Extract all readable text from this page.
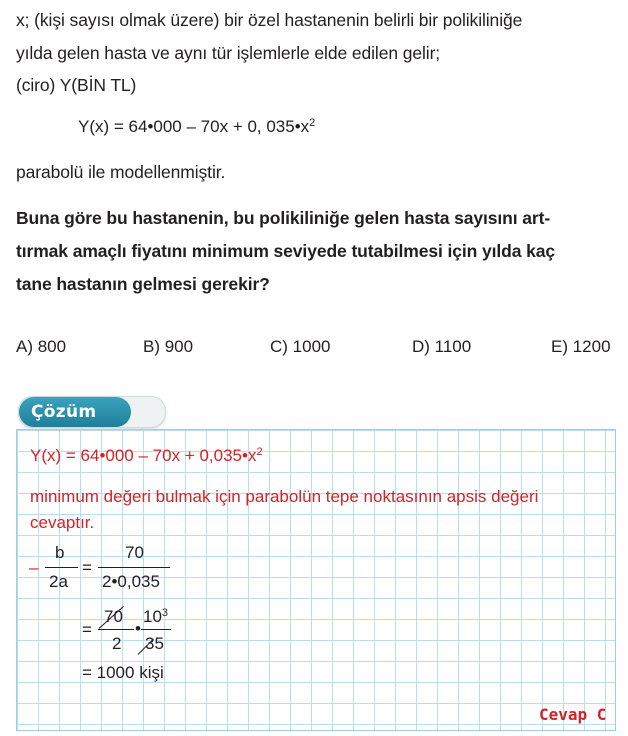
x; (kişi sayısı olmak üzere) bir özel hastanenin belirli bir polikiliniğe
yılda gelen hasta ve aynı tür işlemlerle elde edilen gelir;
(ciro) Y(BİN TL)
Y(x) = 64•000 – 70x + 0, $035•x^2$
parabolü ile modellenmiştir.
Buna göre bu hastanenin, bu polikiliniğe gelen hasta sayısını art-
tırmak amaçlı fiyatını minimum seviyede tutabilmesi için yılda kaç
tane hastanın gelmesi gerekir?
A) 800	B) 900	C) 1000	D) 1100	E) 1200
Çözüm
Y(x) = 64•000 – $70x + 0,035•x^2$
minimum değeri bulmak için parabolün tepe noktasının apsis değeri
cevaptır.
–
b
2a
=
70
2•0,035
=
70
2
•
$10^3$
35
= 1000 kişi
Cevap C
